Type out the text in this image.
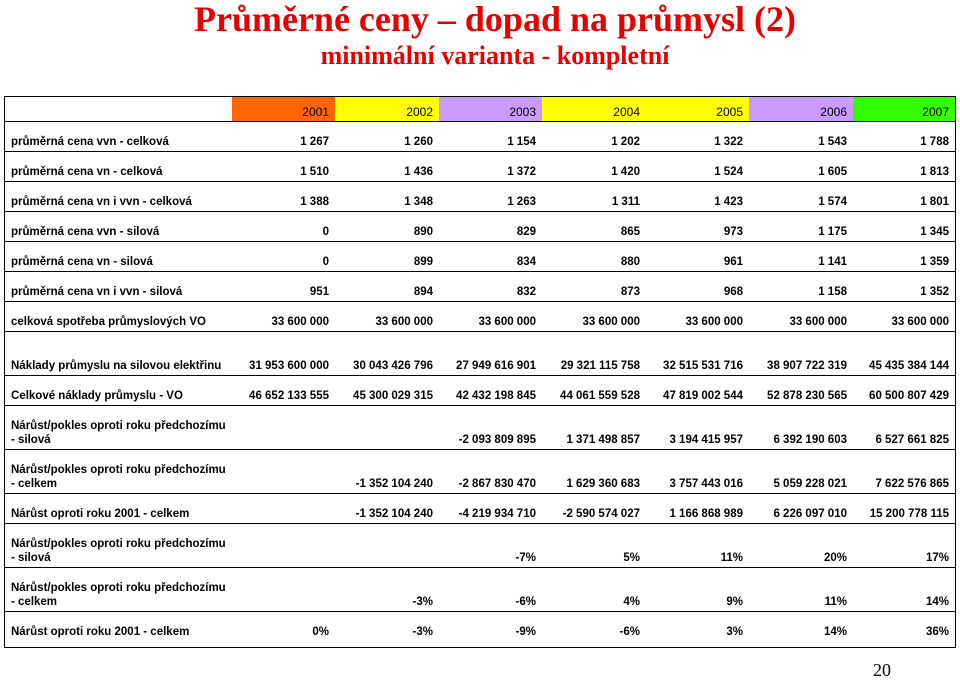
Průměrné ceny – dopad na průmysl (2)
minimální varianta - kompletní
	2001	2002	2003	2004	2005	2006	2007
průměrná cena vvn - celková	1 267	1 260	1 154	1 202	1 322	1 543	1 788
průměrná cena vn - celková	1 510	1 436	1 372	1 420	1 524	1 605	1 813
průměrná cena vn i vvn - celková	1 388	1 348	1 263	1 311	1 423	1 574	1 801
průměrná cena vvn - silová	0	890	829	865	973	1 175	1 345
průměrná cena vn - silová	0	899	834	880	961	1 141	1 359
průměrná cena vn i vvn - silová	951	894	832	873	968	1 158	1 352
celková spotřeba průmyslových VO	33 600 000	33 600 000	33 600 000	33 600 000	33 600 000	33 600 000	33 600 000
Náklady průmyslu na silovou elektřinu	31 953 600 000	30 043 426 796	27 949 616 901	29 321 115 758	32 515 531 716	38 907 722 319	45 435 384 144
Celkové náklady průmyslu - VO	46 652 133 555	45 300 029 315	42 432 198 845	44 061 559 528	47 819 002 544	52 878 230 565	60 500 807 429
Nárůst/pokles oproti roku předchozímu - silová			-2 093 809 895	1 371 498 857	3 194 415 957	6 392 190 603	6 527 661 825
Nárůst/pokles oproti roku předchozímu - celkem		-1 352 104 240	-2 867 830 470	1 629 360 683	3 757 443 016	5 059 228 021	7 622 576 865
Nárůst oproti roku 2001 - celkem		-1 352 104 240	-4 219 934 710	-2 590 574 027	1 166 868 989	6 226 097 010	15 200 778 115
Nárůst/pokles oproti roku předchozímu - silová			-7%	5%	11%	20%	17%
Nárůst/pokles oproti roku předchozímu - celkem		-3%	-6%	4%	9%	11%	14%
Nárůst oproti roku 2001 - celkem	0%	-3%	-9%	-6%	3%	14%	36%
20
